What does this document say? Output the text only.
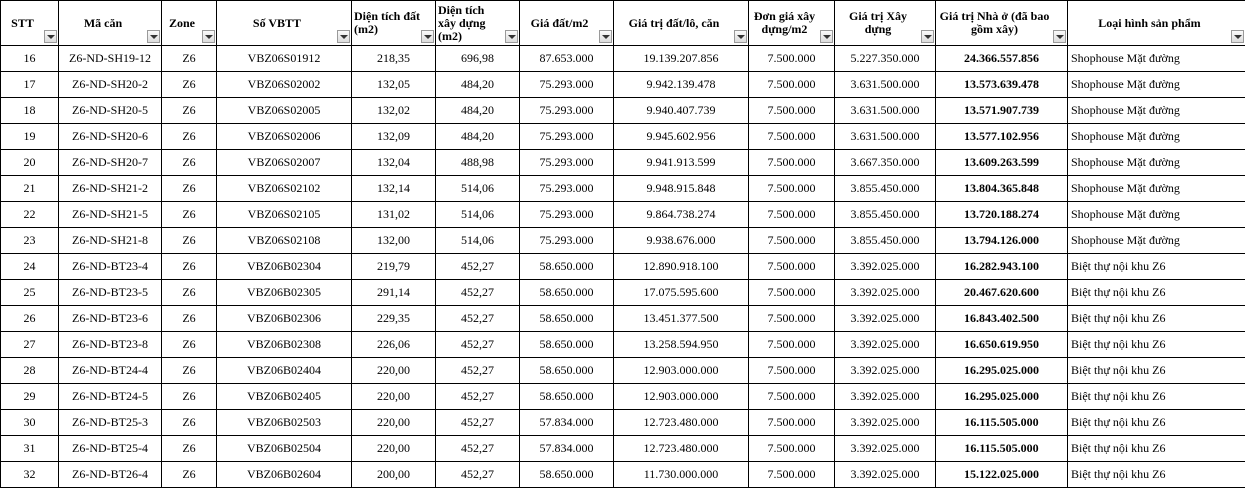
STT	Mã căn	Zone	Số VBTT	Diện tích đất (m2)	Diện tích xây dựng (m2)	Giá đất/m2	Giá trị đất/lô, căn	Đơn giá xây dựng/m2	Giá trị Xây dựng	Giá trị Nhà ở (đã bao gồm xây)	Loại hình sản phẩm

16	Z6-ND-SH19-12	Z6	VBZ06S01912	218,35	696,98	87.653.000	19.139.207.856	7.500.000	5.227.350.000	24.366.557.856	Shophouse Mặt đường
17	Z6-ND-SH20-2	Z6	VBZ06S02002	132,05	484,20	75.293.000	9.942.139.478	7.500.000	3.631.500.000	13.573.639.478	Shophouse Mặt đường
18	Z6-ND-SH20-5	Z6	VBZ06S02005	132,02	484,20	75.293.000	9.940.407.739	7.500.000	3.631.500.000	13.571.907.739	Shophouse Mặt đường
19	Z6-ND-SH20-6	Z6	VBZ06S02006	132,09	484,20	75.293.000	9.945.602.956	7.500.000	3.631.500.000	13.577.102.956	Shophouse Mặt đường
20	Z6-ND-SH20-7	Z6	VBZ06S02007	132,04	488,98	75.293.000	9.941.913.599	7.500.000	3.667.350.000	13.609.263.599	Shophouse Mặt đường
21	Z6-ND-SH21-2	Z6	VBZ06S02102	132,14	514,06	75.293.000	9.948.915.848	7.500.000	3.855.450.000	13.804.365.848	Shophouse Mặt đường
22	Z6-ND-SH21-5	Z6	VBZ06S02105	131,02	514,06	75.293.000	9.864.738.274	7.500.000	3.855.450.000	13.720.188.274	Shophouse Mặt đường
23	Z6-ND-SH21-8	Z6	VBZ06S02108	132,00	514,06	75.293.000	9.938.676.000	7.500.000	3.855.450.000	13.794.126.000	Shophouse Mặt đường
24	Z6-ND-BT23-4	Z6	VBZ06B02304	219,79	452,27	58.650.000	12.890.918.100	7.500.000	3.392.025.000	16.282.943.100	Biệt thự nội khu Z6
25	Z6-ND-BT23-5	Z6	VBZ06B02305	291,14	452,27	58.650.000	17.075.595.600	7.500.000	3.392.025.000	20.467.620.600	Biệt thự nội khu Z6
26	Z6-ND-BT23-6	Z6	VBZ06B02306	229,35	452,27	58.650.000	13.451.377.500	7.500.000	3.392.025.000	16.843.402.500	Biệt thự nội khu Z6
27	Z6-ND-BT23-8	Z6	VBZ06B02308	226,06	452,27	58.650.000	13.258.594.950	7.500.000	3.392.025.000	16.650.619.950	Biệt thự nội khu Z6
28	Z6-ND-BT24-4	Z6	VBZ06B02404	220,00	452,27	58.650.000	12.903.000.000	7.500.000	3.392.025.000	16.295.025.000	Biệt thự nội khu Z6
29	Z6-ND-BT24-5	Z6	VBZ06B02405	220,00	452,27	58.650.000	12.903.000.000	7.500.000	3.392.025.000	16.295.025.000	Biệt thự nội khu Z6
30	Z6-ND-BT25-3	Z6	VBZ06B02503	220,00	452,27	57.834.000	12.723.480.000	7.500.000	3.392.025.000	16.115.505.000	Biệt thự nội khu Z6
31	Z6-ND-BT25-4	Z6	VBZ06B02504	220,00	452,27	57.834.000	12.723.480.000	7.500.000	3.392.025.000	16.115.505.000	Biệt thự nội khu Z6
32	Z6-ND-BT26-4	Z6	VBZ06B02604	200,00	452,27	58.650.000	11.730.000.000	7.500.000	3.392.025.000	15.122.025.000	Biệt thự nội khu Z6
